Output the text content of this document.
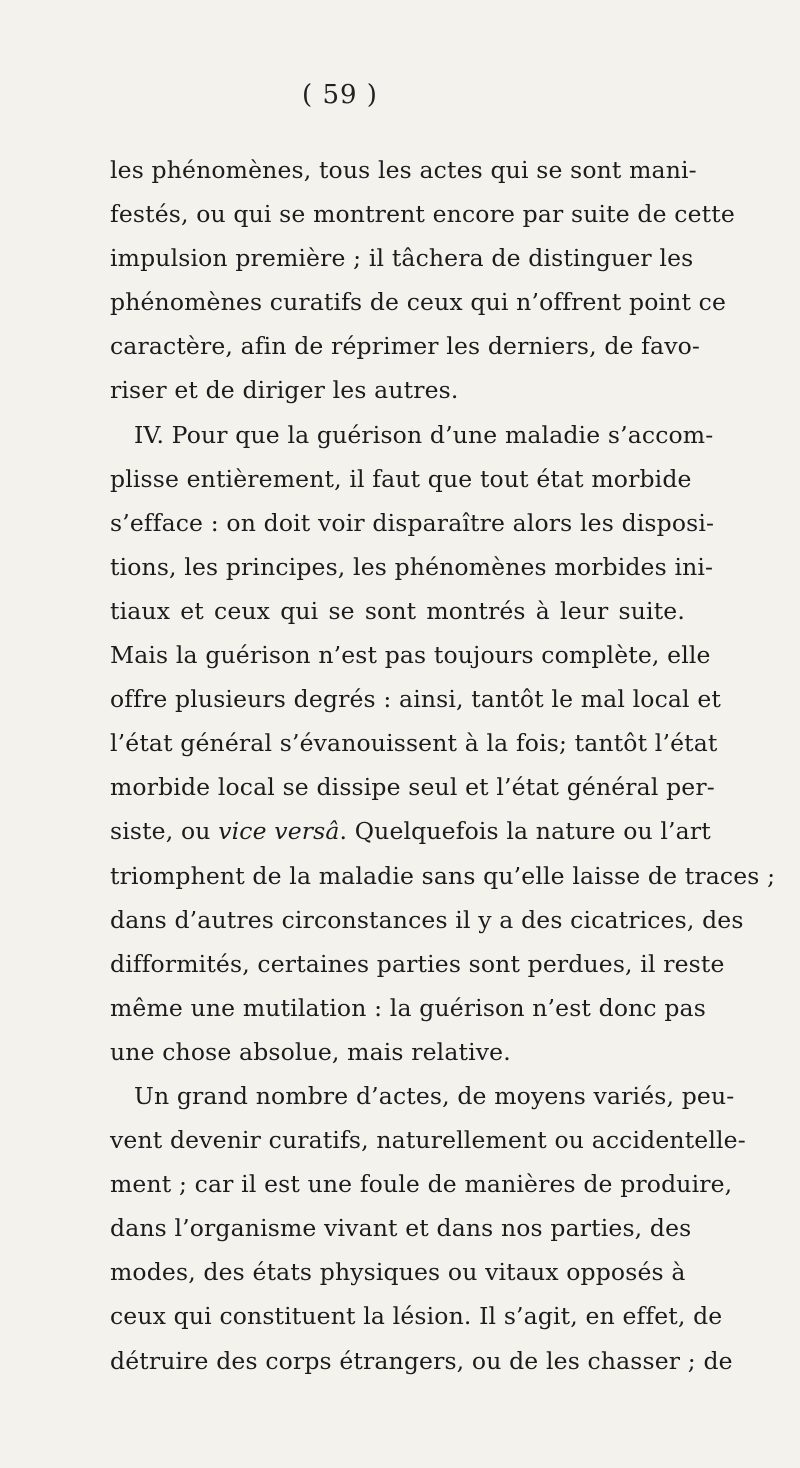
( 59 )
les phénomènes, tous les actes qui se sont mani-
festés, ou qui se montrent encore par suite de cette
impulsion première ; il tâchera de distinguer les
phénomènes curatifs de ceux qui n’offrent point ce
caractère, afin de réprimer les derniers, de favo-
riser et de diriger les autres.
IV. Pour que la guérison d’une maladie s’accom-
plisse entièrement, il faut que tout état morbide
s’efface : on doit voir disparaître alors les disposi-
tions, les principes, les phénomènes morbides ini-
tiaux et ceux qui se sont montrés à leur suite.
Mais la guérison n’est pas toujours complète, elle
offre plusieurs degrés : ainsi, tantôt le mal local et
l’état général s’évanouissent à la fois; tantôt l’état
morbide local se dissipe seul et l’état général per-
siste, ou vice versâ. Quelquefois la nature ou l’art
triomphent de la maladie sans qu’elle laisse de traces ;
dans d’autres circonstances il y a des cicatrices, des
difformités, certaines parties sont perdues, il reste
même une mutilation : la guérison n’est donc pas
une chose absolue, mais relative.
Un grand nombre d’actes, de moyens variés, peu-
vent devenir curatifs, naturellement ou accidentelle-
ment ; car il est une foule de manières de produire,
dans l’organisme vivant et dans nos parties, des
modes, des états physiques ou vitaux opposés à
ceux qui constituent la lésion. Il s’agit, en effet, de
détruire des corps étrangers, ou de les chasser ; de
